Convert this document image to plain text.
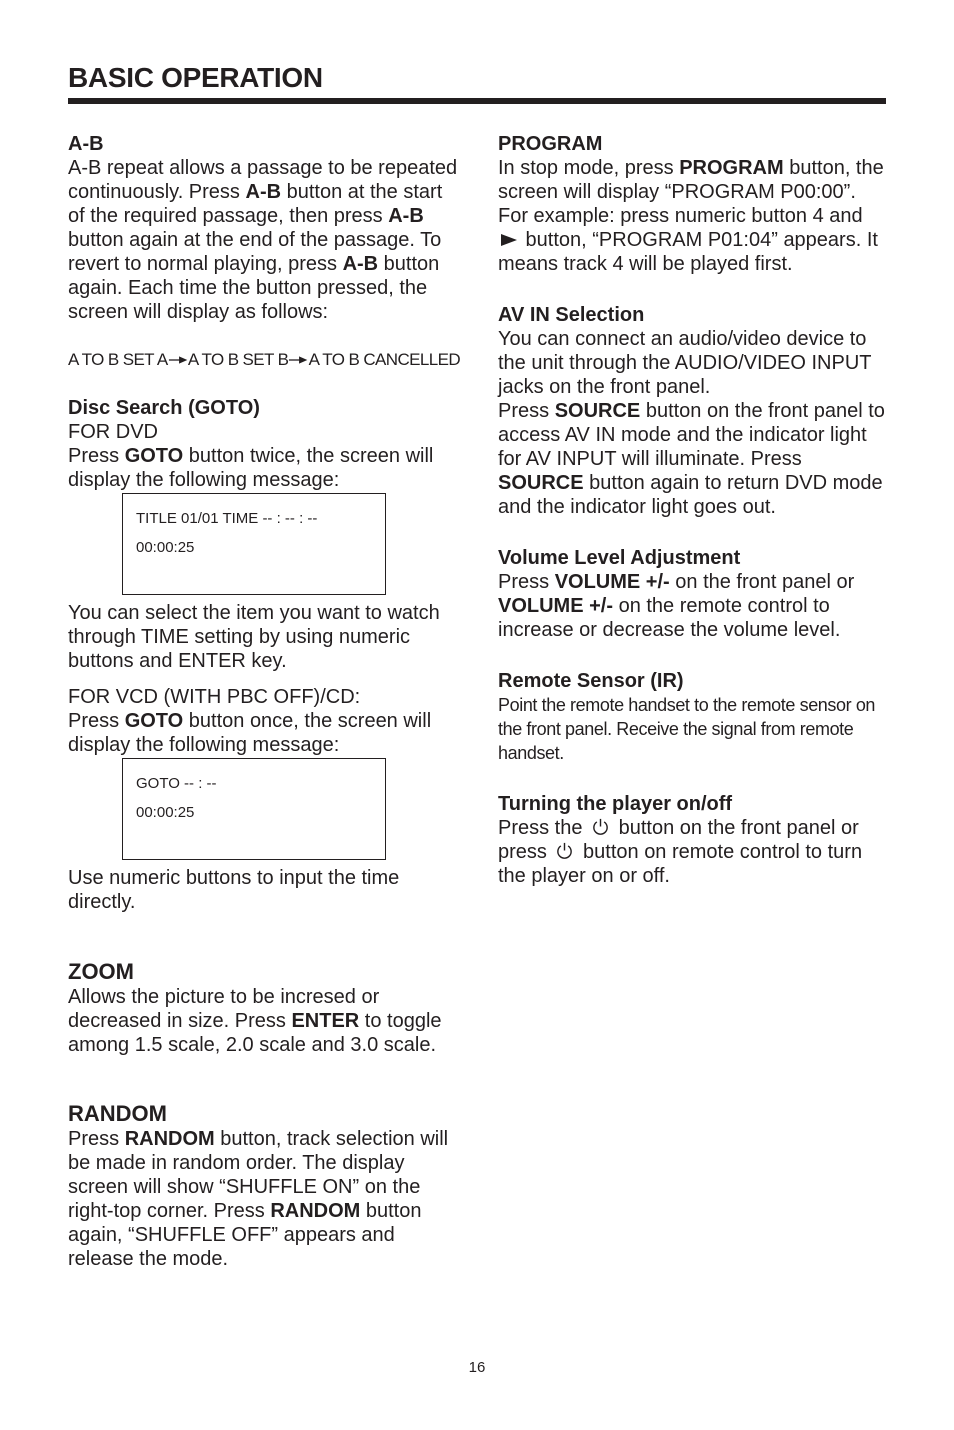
BASIC OPERATION
A-B

A-B repeat allows a passage to be repeated continuously. Press A-B button at the start of the required passage, then press A-B button again at the end of the passage. To revert to normal playing, press A-B button again. Each time the button pressed, the screen will display as follows:

A TO B SET A A TO B SET B A TO B CANCELLED
Disc Search (GOTO)

FOR DVD

Press GOTO button twice, the screen will display the following message:

TITLE 01/01 TIME -- : -- : --
00:00:25

You can select the item you want to watch through TIME setting by using numeric buttons and ENTER key.

FOR VCD (WITH PBC OFF)/CD:

Press GOTO button once, the screen will display the following message:

GOTO -- : --
00:00:25

Use numeric buttons to input the time directly.

ZOOM

Allows the picture to be incresed or decreased in size. Press ENTER to toggle among 1.5 scale, 2.0 scale and 3.0 scale.

RANDOM

Press RANDOM button, track selection will be made in random order. The display screen will show “SHUFFLE ON” on the right-top corner. Press RANDOM button again, “SHUFFLE OFF” appears and release the mode.

PROGRAM

In stop mode, press PROGRAM button, the screen will display “PROGRAM P00:00”. For example: press numeric button 4 and  button, “PROGRAM P01:04” appears. It means track 4 will be played first.

AV IN Selection

You can connect an audio/video device to the unit through the AUDIO/VIDEO INPUT jacks on the front panel.

Press SOURCE button on the front panel to access AV IN mode and the indicator light for AV INPUT will illuminate. Press SOURCE button again to return DVD mode and the indicator light goes out.

Volume Level Adjustment

Press VOLUME +/- on the front panel or VOLUME +/- on the remote control to increase or decrease the volume level.

Remote Sensor (IR)

Point the remote handset to the remote sensor on the front panel. Receive the signal from remote handset.

Turning the player on/off

Press the  button on the front panel or press  button on remote control to turn the player on or off.

16
